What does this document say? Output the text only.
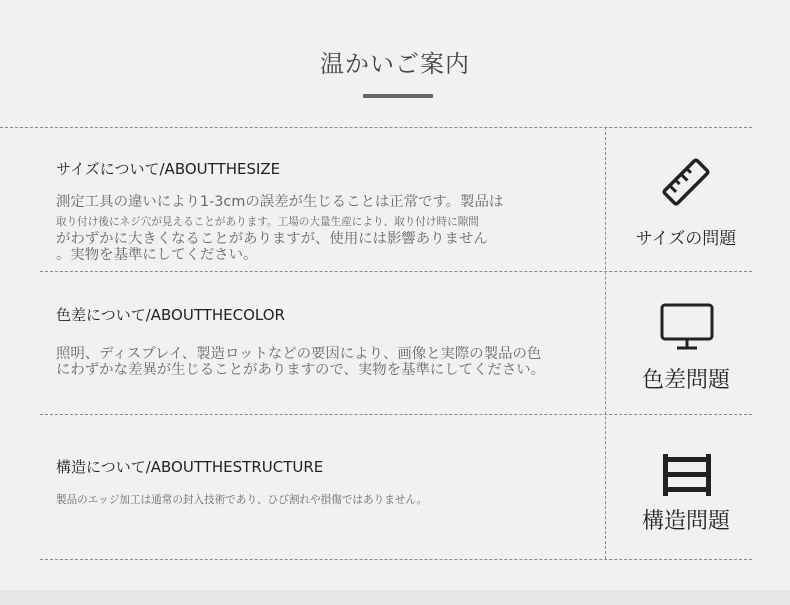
温かいご案内
サイズについて/ABOUTTHESIZE
測定工具の違いにより1-3cmの誤差が生じることは正常です。製品は
取り付け後にネジ穴が見えることがあります。工場の大量生産により、取り付け時に隙間
がわずかに大きくなることがありますが、使用には影響ありません
。実物を基準にしてください。
サイズの問題
色差について/ABOUTTHECOLOR
照明、ディスプレイ、製造ロットなどの要因により、画像と実際の製品の色
にわずかな差異が生じることがありますので、実物を基準にしてください。	色差問題
構造について/ABOUTTHESTRUCTURE
製品のエッジ加工は通常の封入技術であり、ひび割れや損傷ではありません。
構造問題
